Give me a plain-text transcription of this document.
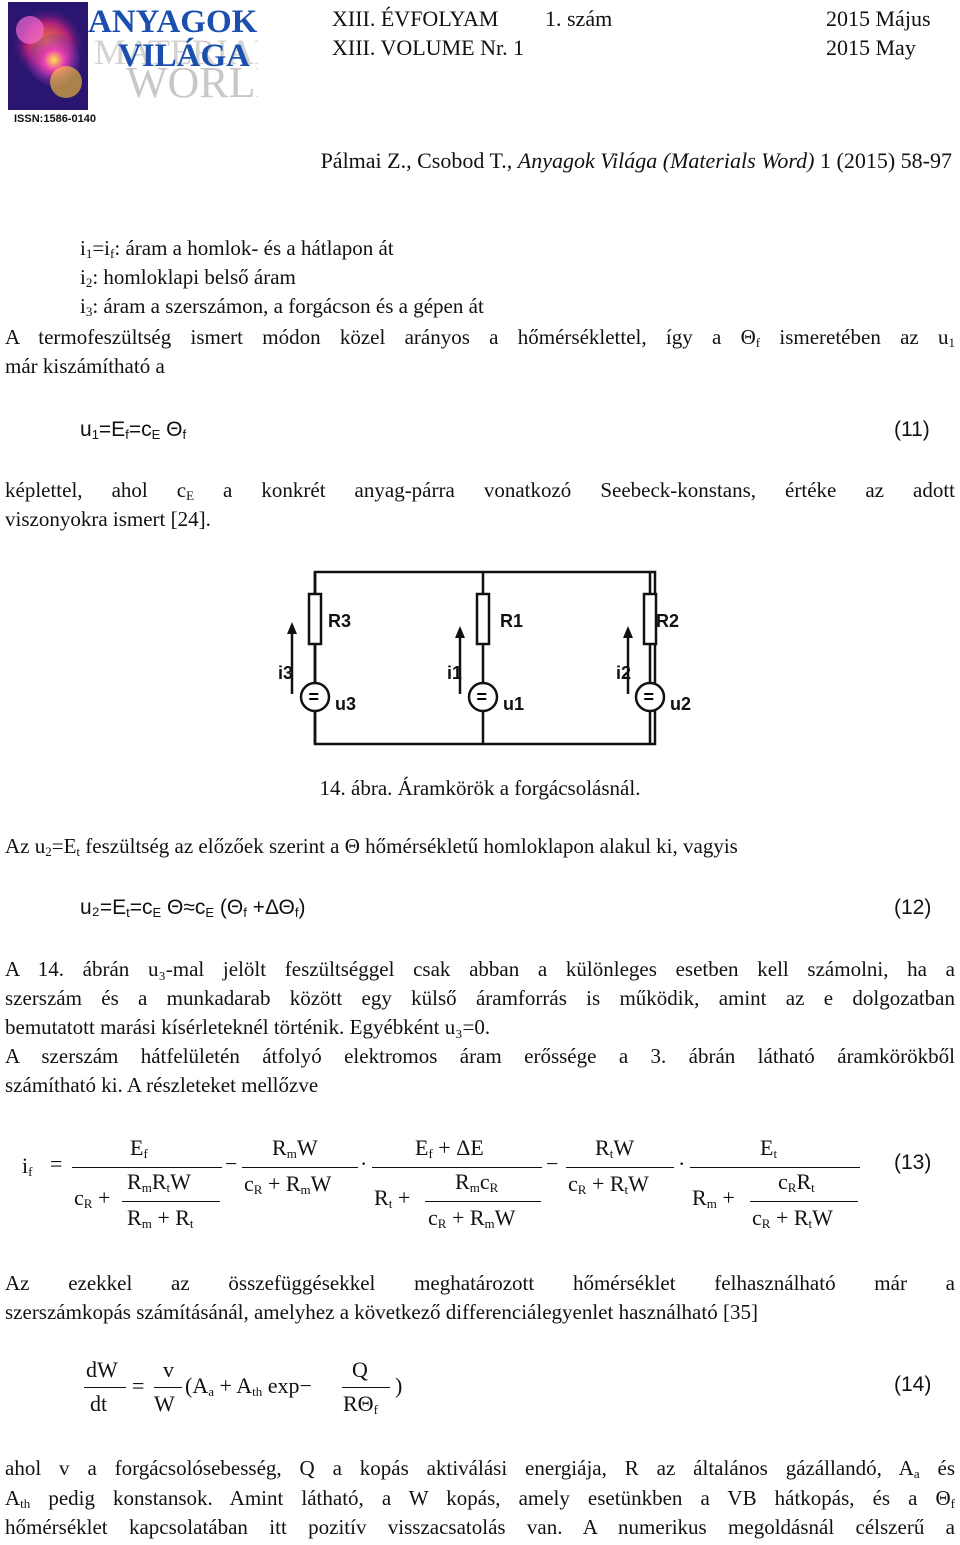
WORL
MATERIA
ANYAGOK
VILÁGA
ISSN:1586-0140
XIII. ÉVFOLYAM 1. szám	2015 Május
XIII. VOLUME Nr. 1	2015 May
Pálmai Z., Csobod T., Anyagok Világa (Materials Word) 1 (2015) 58-97
$i_1=i_f$: áram a homlok- és a hátlapon át
$i_2$: homloklapi belső áram
$i_3$: áram a szerszámon, a forgácson és a gépen át
A termofeszültség ismert módon közel arányos a hőmérséklettel, így a $\Theta_f$ ismeretében az $u_1$
már kiszámítható a
$u_1=E_f=c_E$ $\Theta_f$	(11)
képlettel, ahol $c_E$ a konkrét anyag-párra vonatkozó Seebeck-konstans, értéke az adott
viszonyokra ismert [24].
=	=	=
R3	R1	R2
i3	i1	i2
u3	u1	u2
14. ábra. Áramkörök a forgácsolásnál.
Az $u_2=E_t$ feszültség az előzőek szerint a Θ hőmérsékletű homloklapon alakul ki, vagyis
$u_2=E_t=c_E$ $\Theta\approx c_E$ $(\Theta_f +\Delta\Theta_f)$	(12)
A 14. ábrán u₃-mal jelölt feszültséggel csak abban a különleges esetben kell számolni, ha a
szerszám és a munkadarab között egy külső áramforrás is működik, amint az e dolgozatban
bemutatott marási kísérleteknél történik. Egyébként u₃=0.
A szerszám hátfelületén átfolyó elektromos áram erőssége a 3. ábrán látható áramkörökből
számítható ki. A részleteket mellőzve
$i_f$ =
$E_f$
$R_mR_tW$
$c_R$ +
$R_m + R_t$
−
$R_mW$
$c_R + R_mW$
·
$E_f + \Delta E$
$R_mc_R$
$R_t$ +
$c_R + R_mW$
−
$R_tW$
$c_R + R_tW$
·
$E_t$
$c_RR_t$
$R_m$ +
$c_R + R_tW$
(13)
Az ezekkel az összefüggésekkel meghatározott hőmérséklet felhasználható már a
szerszámkopás számításánál, amelyhez a következő differenciálegyenlet használható [35]
dW
dt
=
v
W
($A_a + A_{th}$ exp−
Q
$R\Theta_f$
)	(14)
ahol v a forgácsolósebesség, Q a kopás aktiválási energiája, R az általános gázállandó, $A_a$ és
$A_{th}$ pedig konstansok. Amint látható, a W kopás, amely esetünkben a VB hátkopás, és a $\Theta_f$
hőmérséklet kapcsolatában itt pozitív visszacsatolás van. A numerikus megoldásnál célszerű a
